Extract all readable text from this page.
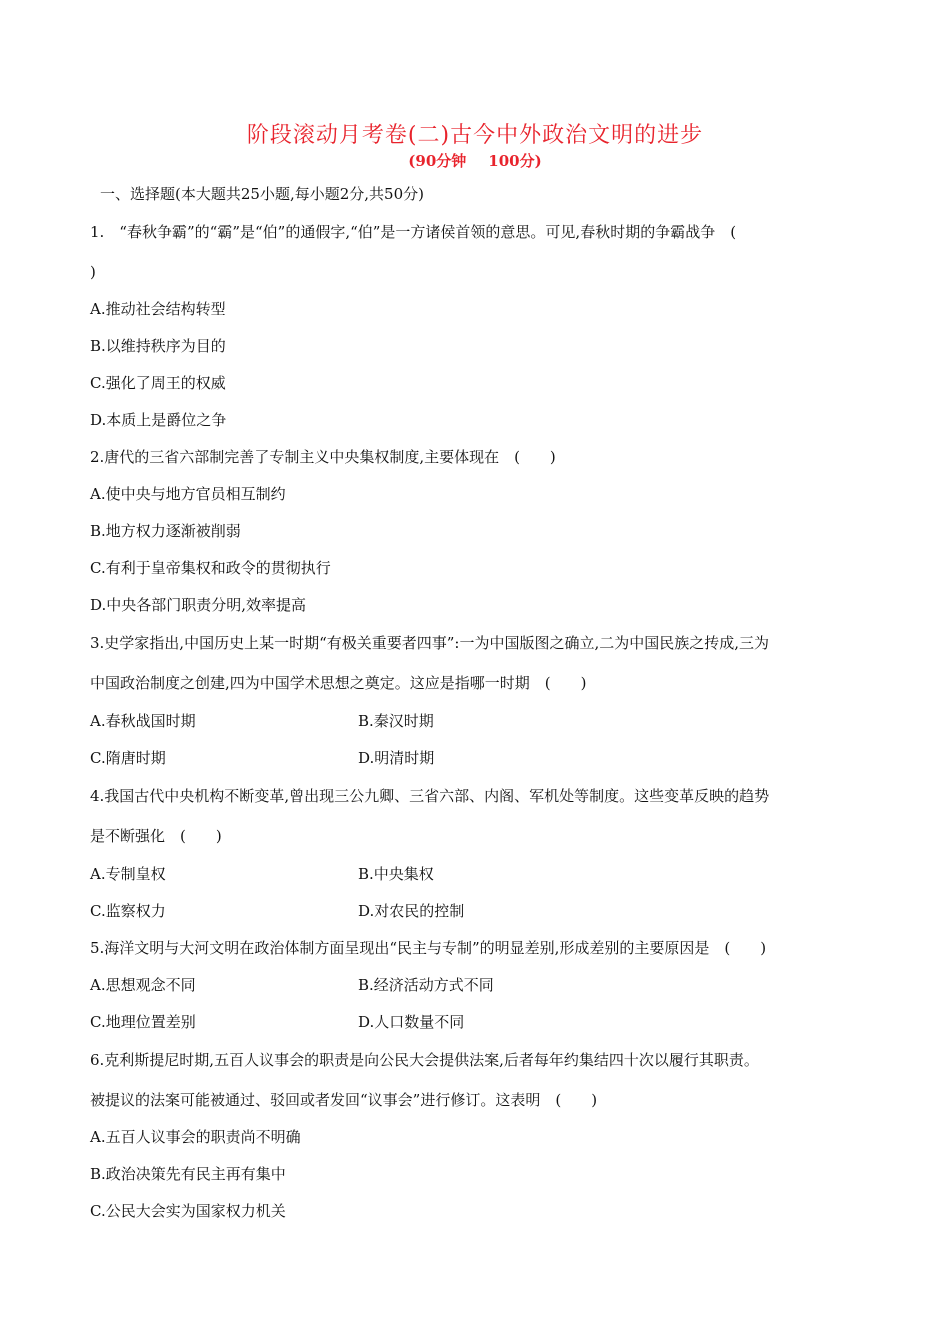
阶段滚动月考卷(二)古今中外政治文明的进步
(90分钟 100分)
一、选择题(本大题共25小题,每小题2分,共50分)
1.　“春秋争霸”的“霸”是“伯”的通假字,“伯”是一方诸侯首领的意思。可见,春秋时期的争霸战争　(
)
A.推动社会结构转型
B.以维持秩序为目的
C.强化了周王的权威
D.本质上是爵位之争
2.唐代的三省六部制完善了专制主义中央集权制度,主要体现在　(　　)
A.使中央与地方官员相互制约
B.地方权力逐渐被削弱
C.有利于皇帝集权和政令的贯彻执行
D.中央各部门职责分明,效率提高
3.史学家指出,中国历史上某一时期“有极关重要者四事”:一为中国版图之确立,二为中国民族之抟成,三为
中国政治制度之创建,四为中国学术思想之奠定。这应是指哪一时期　(　　)
A.春秋战国时期	B.秦汉时期
C.隋唐时期	D.明清时期
4.我国古代中央机构不断变革,曾出现三公九卿、三省六部、内阁、军机处等制度。这些变革反映的趋势
是不断强化　(　　)
A.专制皇权	B.中央集权
C.监察权力	D.对农民的控制
5.海洋文明与大河文明在政治体制方面呈现出“民主与专制”的明显差别,形成差别的主要原因是　(　　)
A.思想观念不同	B.经济活动方式不同
C.地理位置差别	D.人口数量不同
6.克利斯提尼时期,五百人议事会的职责是向公民大会提供法案,后者每年约集结四十次以履行其职责。
被提议的法案可能被通过、驳回或者发回“议事会”进行修订。这表明　(　　)
A.五百人议事会的职责尚不明确
B.政治决策先有民主再有集中
C.公民大会实为国家权力机关
